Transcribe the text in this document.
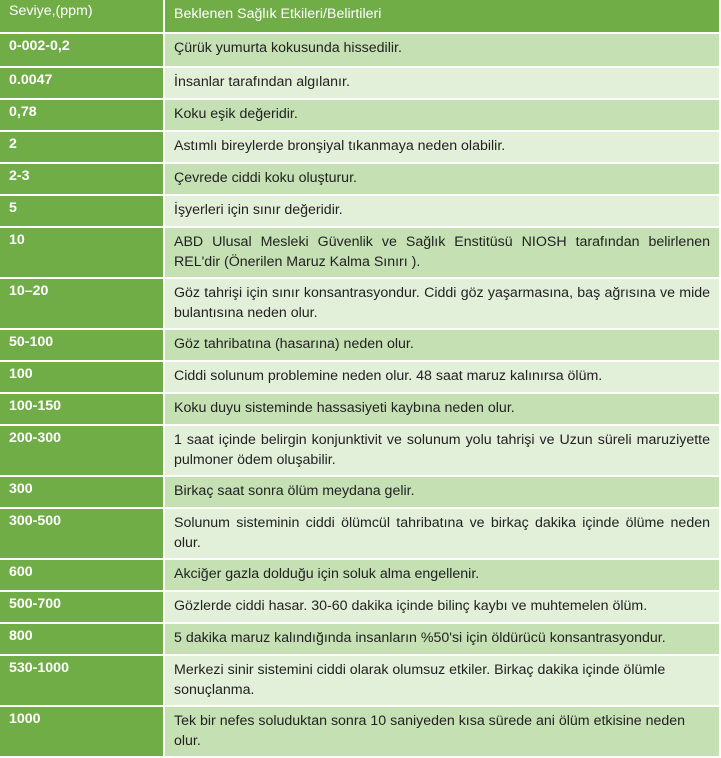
Seviye,(ppm)	Beklenen Sağlık Etkileri/Belirtileri
0-002-0,2	Çürük yumurta kokusunda hissedilir.
0.0047	İnsanlar tarafından algılanır.
0,78	Koku eşik değeridir.
2	Astımlı bireylerde bronşiyal tıkanmaya neden olabilir.
2-3	Çevrede ciddi koku oluşturur.
5	İşyerleri için sınır değeridir.
10	ABD Ulusal Mesleki Güvenlik ve Sağlık Enstitüsü NIOSH tarafından belirlenen REL'dir (Önerilen Maruz Kalma Sınırı ).
10–20	Göz tahrişi için sınır konsantrasyondur. Ciddi göz yaşarmasına, baş ağrısına ve mide bulantısına neden olur.
50-100	Göz tahribatına (hasarına) neden olur.
100	Ciddi solunum problemine neden olur. 48 saat maruz kalınırsa ölüm.
100-150	Koku duyu sisteminde hassasiyeti kaybına neden olur.
200-300	1 saat içinde belirgin konjunktivit ve solunum yolu tahrişi ve Uzun süreli maruziyette pulmoner ödem oluşabilir.
300	Birkaç saat sonra ölüm meydana gelir.
300-500	Solunum sisteminin ciddi ölümcül tahribatına ve birkaç dakika içinde ölüme neden olur.
600	Akciğer gazla dolduğu için soluk alma engellenir.
500-700	Gözlerde ciddi hasar. 30-60 dakika içinde bilinç kaybı ve muhtemelen ölüm.
800	5 dakika maruz kalındığında insanların %50'si için öldürücü konsantrasyondur.
530-1000	Merkezi sinir sistemini ciddi olarak olumsuz etkiler. Birkaç dakika içinde ölümle sonuçlanma.
1000	Tek bir nefes soluduktan sonra 10 saniyeden kısa sürede ani ölüm etkisine neden olur.
